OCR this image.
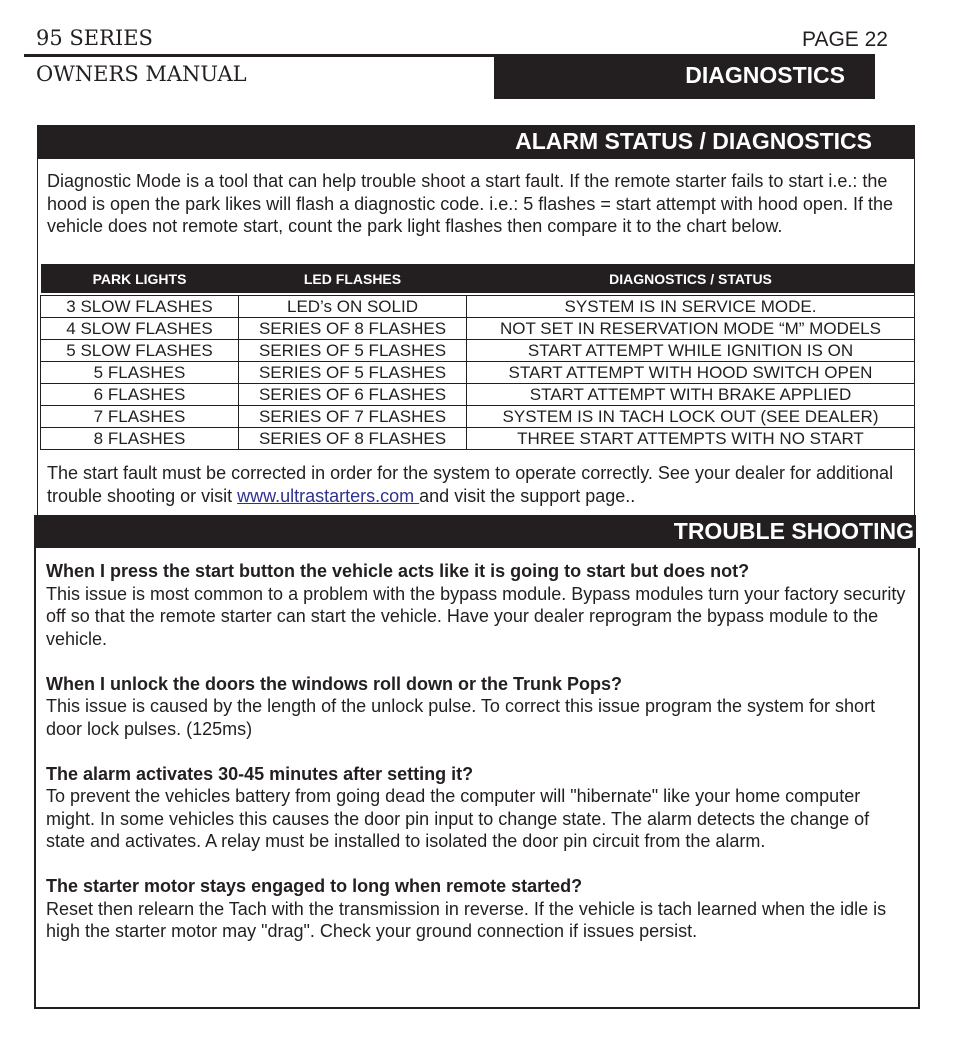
95 SERIES	PAGE 22
OWNERS MANUAL	DIAGNOSTICS
ALARM STATUS / DIAGNOSTICS
Diagnostic Mode is a tool that can help trouble shoot a start fault. If the remote starter fails to start i.e.: the hood is open the park likes will flash a diagnostic code. i.e.: 5 flashes = start attempt with hood open. If the vehicle does not remote start, count the park light flashes then compare it to the chart below.
PARK LIGHTS	LED FLASHES	DIAGNOSTICS / STATUS

3 SLOW FLASHES	LED’s ON SOLID	SYSTEM IS IN SERVICE MODE.
4 SLOW FLASHES	SERIES OF 8 FLASHES	NOT SET IN RESERVATION MODE “M” MODELS
5 SLOW FLASHES	SERIES OF 5 FLASHES	START ATTEMPT WHILE IGNITION IS ON
5 FLASHES	SERIES OF 5 FLASHES	START ATTEMPT WITH HOOD SWITCH OPEN
6 FLASHES	SERIES OF 6 FLASHES	START ATTEMPT WITH BRAKE APPLIED
7 FLASHES	SERIES OF 7 FLASHES	SYSTEM IS IN TACH LOCK OUT (SEE DEALER)
8 FLASHES	SERIES OF 8 FLASHES	THREE START ATTEMPTS WITH NO START
The start fault must be corrected in order for the system to operate correctly. See your dealer for additional trouble shooting or visit www.ultrastarters.com and visit the support page..
TROUBLE SHOOTING
When I press the start button the vehicle acts like it is going to start but does not?
This issue is most common to a problem with the bypass module. Bypass modules turn your factory security off so that the remote starter can start the vehicle. Have your dealer reprogram the bypass module to the vehicle.
When I unlock the doors the windows roll down or the Trunk Pops?
This issue is caused by the length of the unlock pulse. To correct this issue program the system for short door lock pulses. (125ms)
The alarm activates 30-45 minutes after setting it?
To prevent the vehicles battery from going dead the computer will "hibernate" like your home computer might. In some vehicles this causes the door pin input to change state. The alarm detects the change of state and activates. A relay must be installed to isolated the door pin circuit from the alarm.
The starter motor stays engaged to long when remote started?
Reset then relearn the Tach with the transmission in reverse. If the vehicle is tach learned when the idle is high the starter motor may "drag". Check your ground connection if issues persist.
